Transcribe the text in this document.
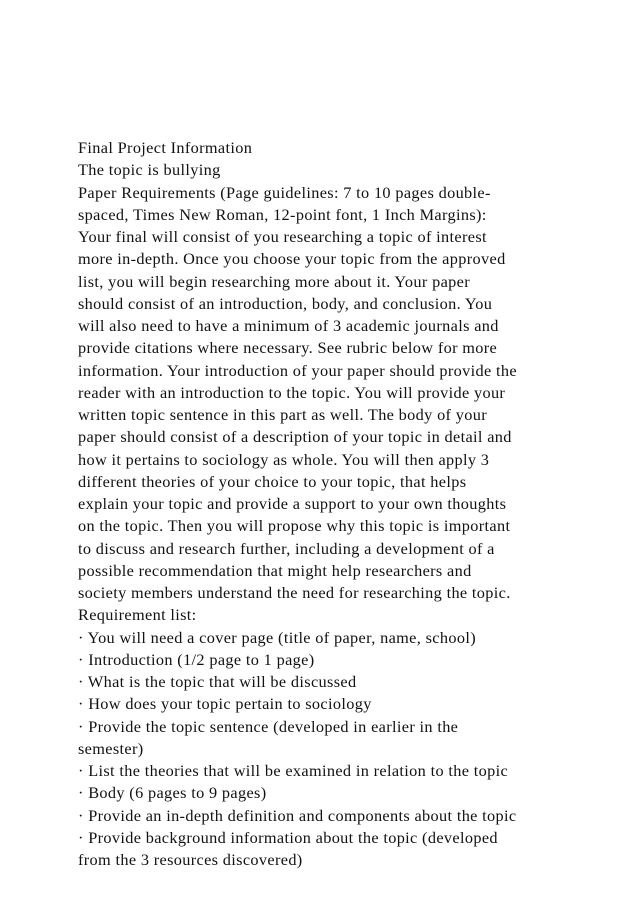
Final Project Information
The topic is bullying
Paper Requirements (Page guidelines: 7 to 10 pages double-
spaced, Times New Roman, 12-point font, 1 Inch Margins):
Your final will consist of you researching a topic of interest
more in-depth. Once you choose your topic from the approved
list, you will begin researching more about it. Your paper
should consist of an introduction, body, and conclusion. You
will also need to have a minimum of 3 academic journals and
provide citations where necessary. See rubric below for more
information. Your introduction of your paper should provide the
reader with an introduction to the topic. You will provide your
written topic sentence in this part as well. The body of your
paper should consist of a description of your topic in detail and
how it pertains to sociology as whole. You will then apply 3
different theories of your choice to your topic, that helps
explain your topic and provide a support to your own thoughts
on the topic. Then you will propose why this topic is important
to discuss and research further, including a development of a
possible recommendation that might help researchers and
society members understand the need for researching the topic.
Requirement list:
· You will need a cover page (title of paper, name, school)
· Introduction (1/2 page to 1 page)
· What is the topic that will be discussed
· How does your topic pertain to sociology
· Provide the topic sentence (developed in earlier in the
semester)
· List the theories that will be examined in relation to the topic
· Body (6 pages to 9 pages)
· Provide an in-depth definition and components about the topic
· Provide background information about the topic (developed
from the 3 resources discovered)
